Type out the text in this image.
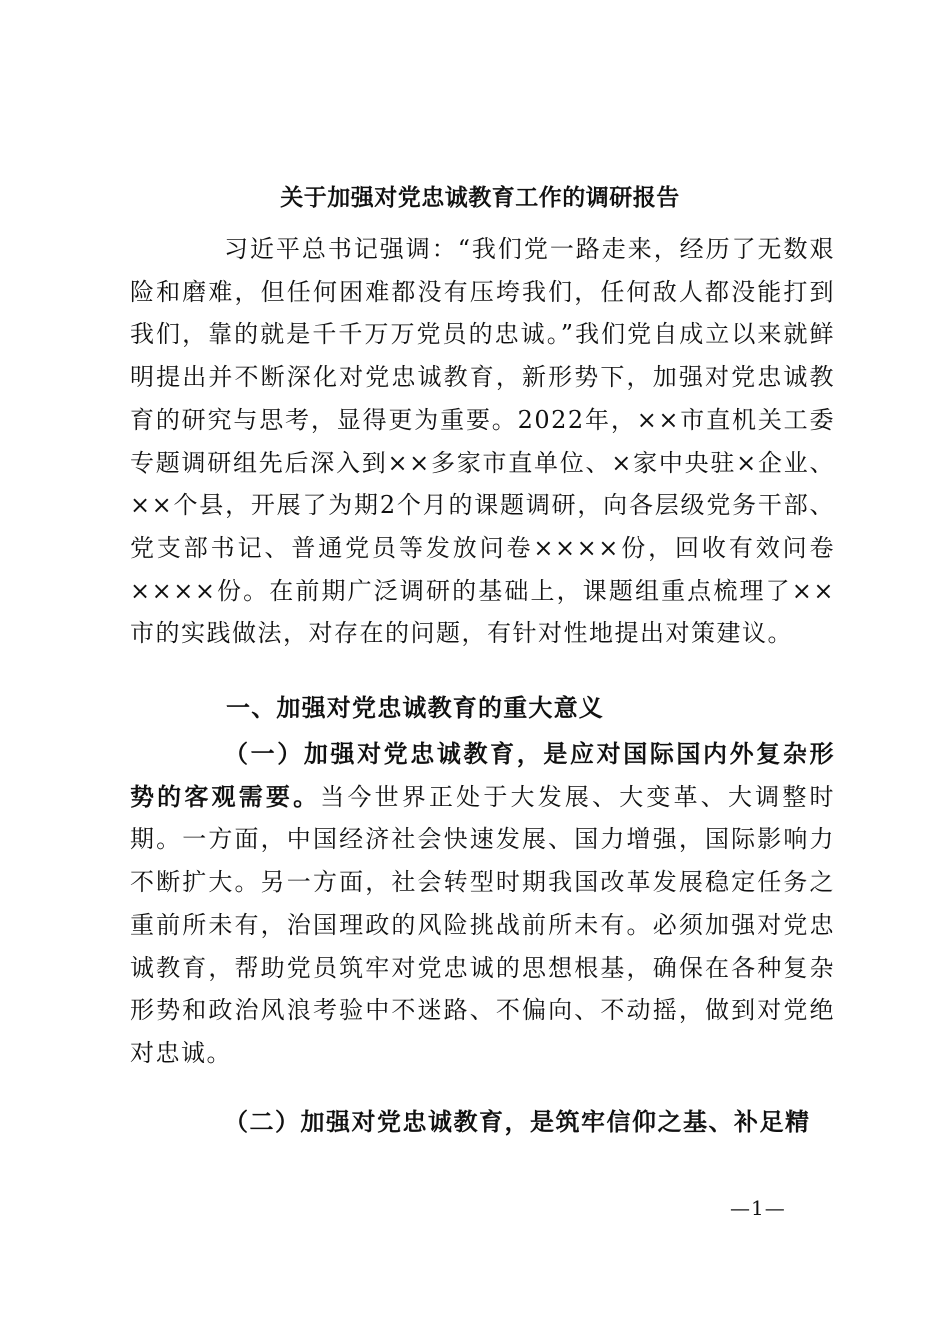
关于加强对党忠诚教育工作的调研报告

习近平总书记强调：“我们党一路走来，经历了无数艰险和磨难，但任何困难都没有压垮我们，任何敌人都没能打到我们，靠的就是千千万万党员的忠诚。”我们党自成立以来就鲜明提出并不断深化对党忠诚教育，新形势下，加强对党忠诚教育的研究与思考，显得更为重要。2022年，××市直机关工委专题调研组先后深入到××多家市直单位、×家中央驻×企业、××个县，开展了为期2个月的课题调研，向各层级党务干部、党支部书记、普通党员等发放问卷××××份，回收有效问卷××××份。在前期广泛调研的基础上，课题组重点梳理了××市的实践做法，对存在的问题，有针对性地提出对策建议。

一、加强对党忠诚教育的重大意义

（一）加强对党忠诚教育，是应对国际国内外复杂形势的客观需要。当今世界正处于大发展、大变革、大调整时期。一方面，中国经济社会快速发展、国力增强，国际影响力不断扩大。另一方面，社会转型时期我国改革发展稳定任务之重前所未有，治国理政的风险挑战前所未有。必须加强对党忠诚教育，帮助党员筑牢对党忠诚的思想根基，确保在各种复杂形势和政治风浪考验中不迷路、不偏向、不动摇，做到对党绝对忠诚。

（二）加强对党忠诚教育，是筑牢信仰之基、补足精

—1—
